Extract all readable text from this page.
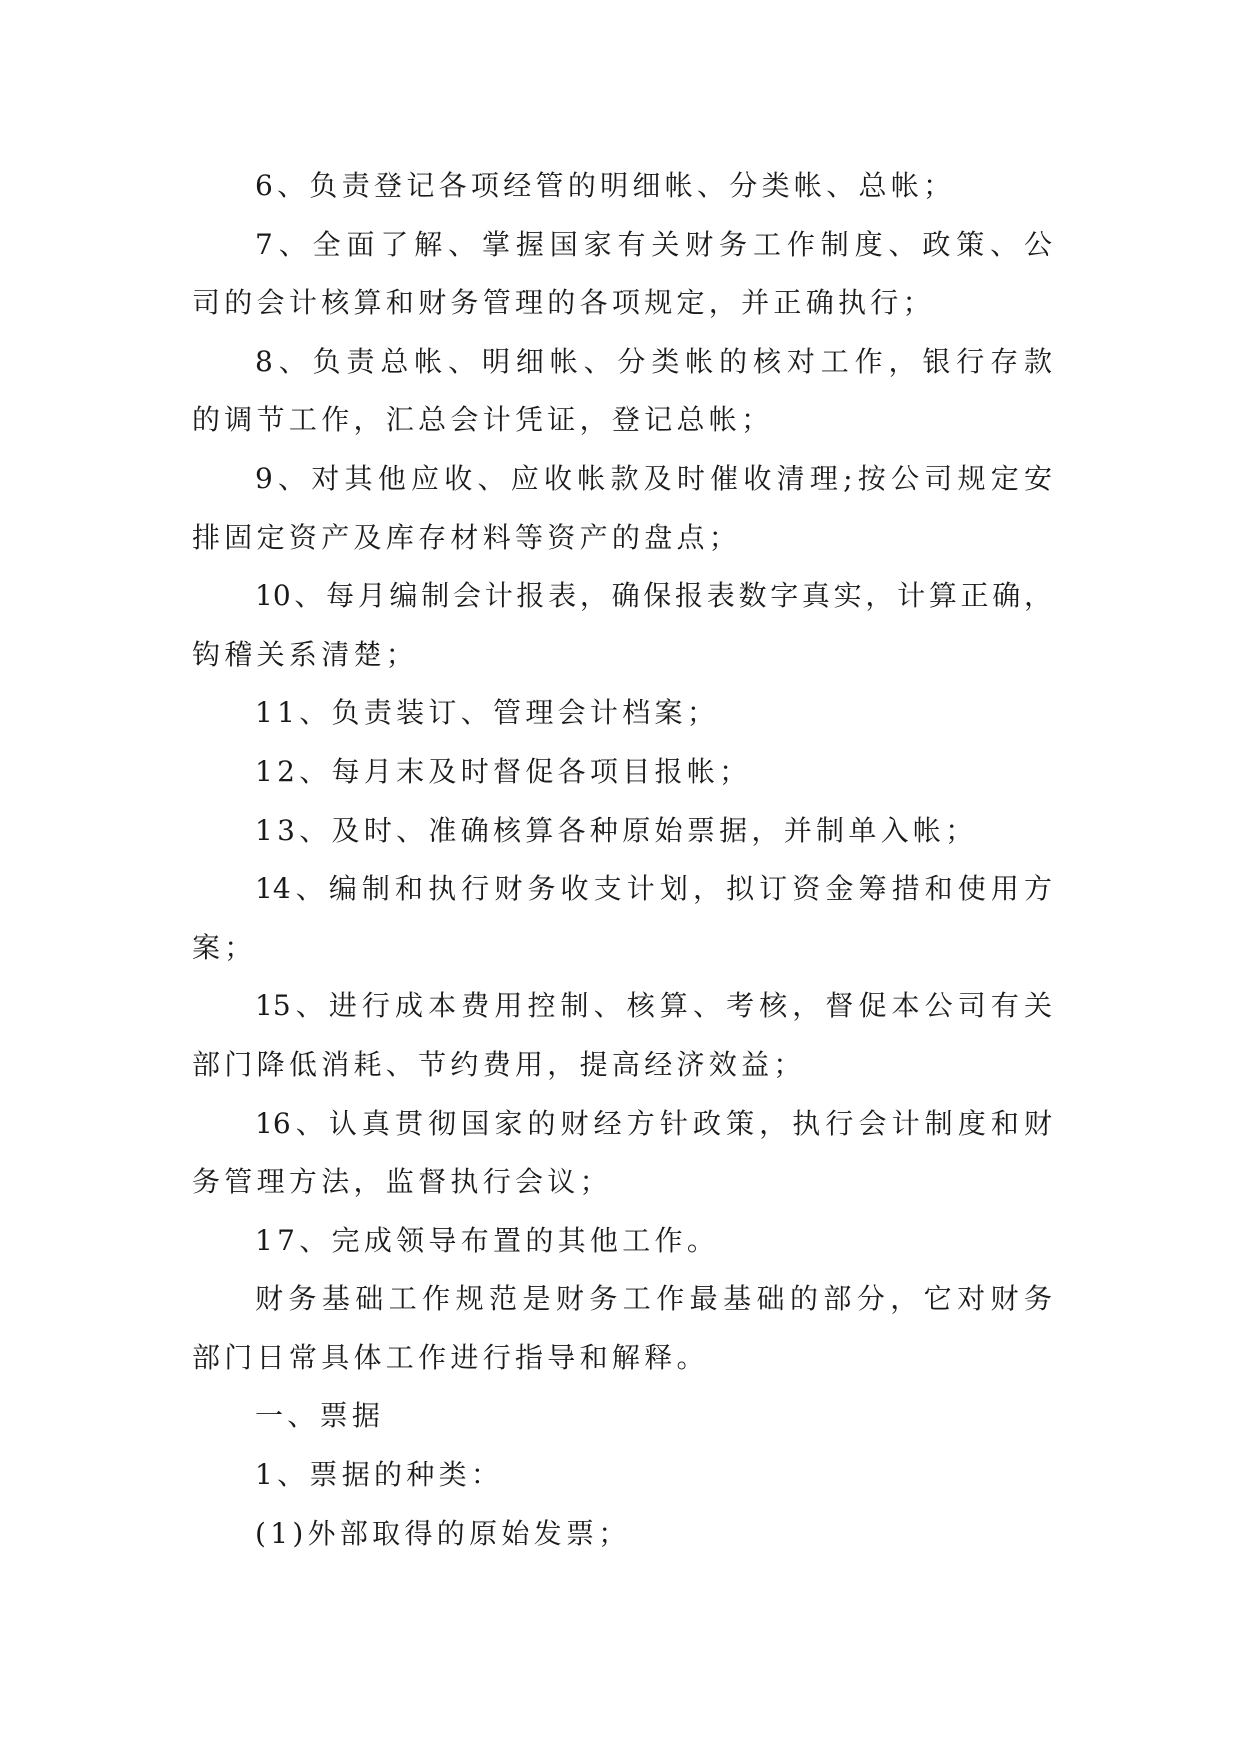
6、负责登记各项经管的明细帐、分类帐、总帐；
7、全面了解、掌握国家有关财务工作制度、政策、公
司的会计核算和财务管理的各项规定，并正确执行；
8、负责总帐、明细帐、分类帐的核对工作，银行存款
的调节工作，汇总会计凭证，登记总帐；
9、对其他应收、应收帐款及时催收清理;按公司规定安
排固定资产及库存材料等资产的盘点；
10、每月编制会计报表，确保报表数字真实，计算正确，
钩稽关系清楚；
11、负责装订、管理会计档案；
12、每月末及时督促各项目报帐；
13、及时、准确核算各种原始票据，并制单入帐；
14、编制和执行财务收支计划，拟订资金筹措和使用方
案；
15、进行成本费用控制、核算、考核，督促本公司有关
部门降低消耗、节约费用，提高经济效益；
16、认真贯彻国家的财经方针政策，执行会计制度和财
务管理方法，监督执行会议；
17、完成领导布置的其他工作。
财务基础工作规范是财务工作最基础的部分，它对财务
部门日常具体工作进行指导和解释。
一、票据
1、票据的种类：
(1)外部取得的原始发票；
